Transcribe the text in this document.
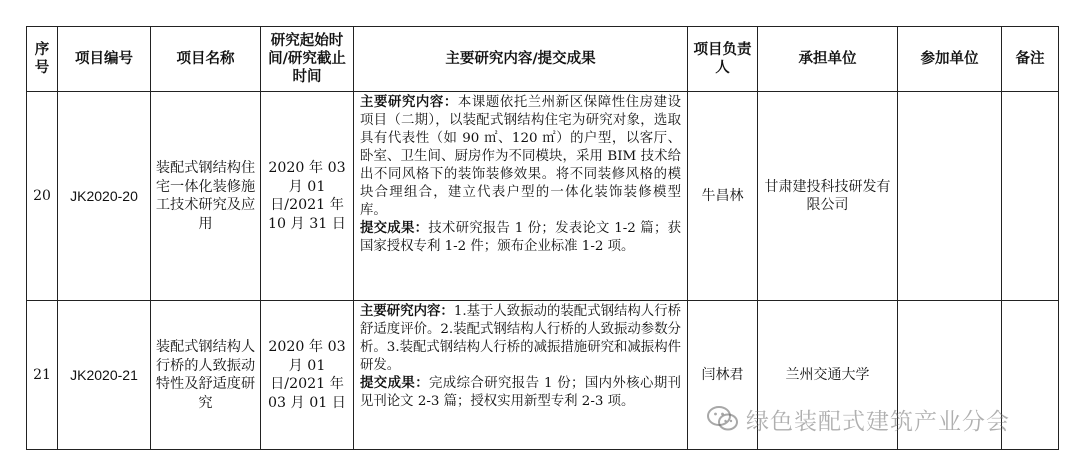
序号	项目编号	项目名称	研究起始时间/研究截止时间	主要研究内容/提交成果	项目负责人	承担单位	参加单位	备注
20	JK2020-20	装配式钢结构住宅一体化装修施工技术研究及应用	2020 年 03 月 01 日/2021 年 10 月 31 日	主要研究内容：本课题依托兰州新区保障性住房建设项目（二期），以装配式钢结构住宅为研究对象，选取具有代表性（如 90 ㎡、120 ㎡）的户型，以客厅、卧室、卫生间、厨房作为不同模块，采用 BIM 技术给出不同风格下的装饰装修效果。将不同装修风格的模块合理组合，建立代表户型的一体化装饰装修模型库。

提交成果：技术研究报告 1 份；发表论文 1-2 篇；获国家授权专利 1-2 件；颁布企业标准 1-2 项。	牛昌林	甘肃建投科技研发有限公司		
21	JK2020-21	装配式钢结构人行桥的人致振动特性及舒适度研究	2020 年 03 月 01 日/2021 年 03 月 01 日	主要研究内容：1.基于人致振动的装配式钢结构人行桥舒适度评价。2.装配式钢结构人行桥的人致振动参数分析。3.装配式钢结构人行桥的减振措施研究和减振构件研发。

提交成果：完成综合研究报告 1 份；国内外核心期刊见刊论文 2-3 篇；授权实用新型专利 2-3 项。	闫林君	兰州交通大学		
绿色装配式建筑产业分会
